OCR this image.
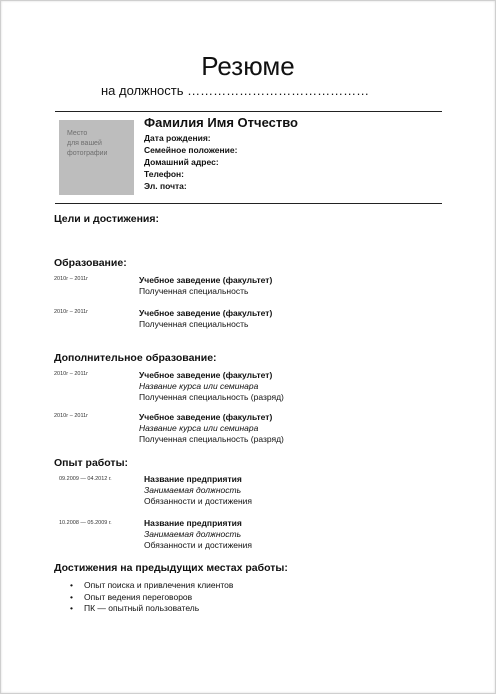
Резюме
на должность ……………………………………
Место
для вашей
фотографии
Фамилия Имя Отчество
Дата рождения:
Семейное положение:
Домашний адрес:
Телефон:
Эл. почта:
Цели и достижения:
Образование:
2010г – 2011г	Учебное заведение (факультет)
Полученная специальность
2010г – 2011г	Учебное заведение (факультет)
Полученная специальность
Дополнительное образование:
2010г – 2011г	Учебное заведение (факультет)
Название курса или семинара
Полученная специальность (разряд)
2010г – 2011г	Учебное заведение (факультет)
Название курса или семинара
Полученная специальность (разряд)
Опыт работы:
09.2009 — 04.2012 г.	Название предприятия
Занимаемая должность
Обязанности и достижения
10.2008 — 05.2009 г.	Название предприятия
Занимаемая должность
Обязанности и достижения
Достижения на предыдущих местах работы:
• Опыт поиска и привлечения клиентов
• Опыт ведения переговоров
• ПК — опытный пользователь
